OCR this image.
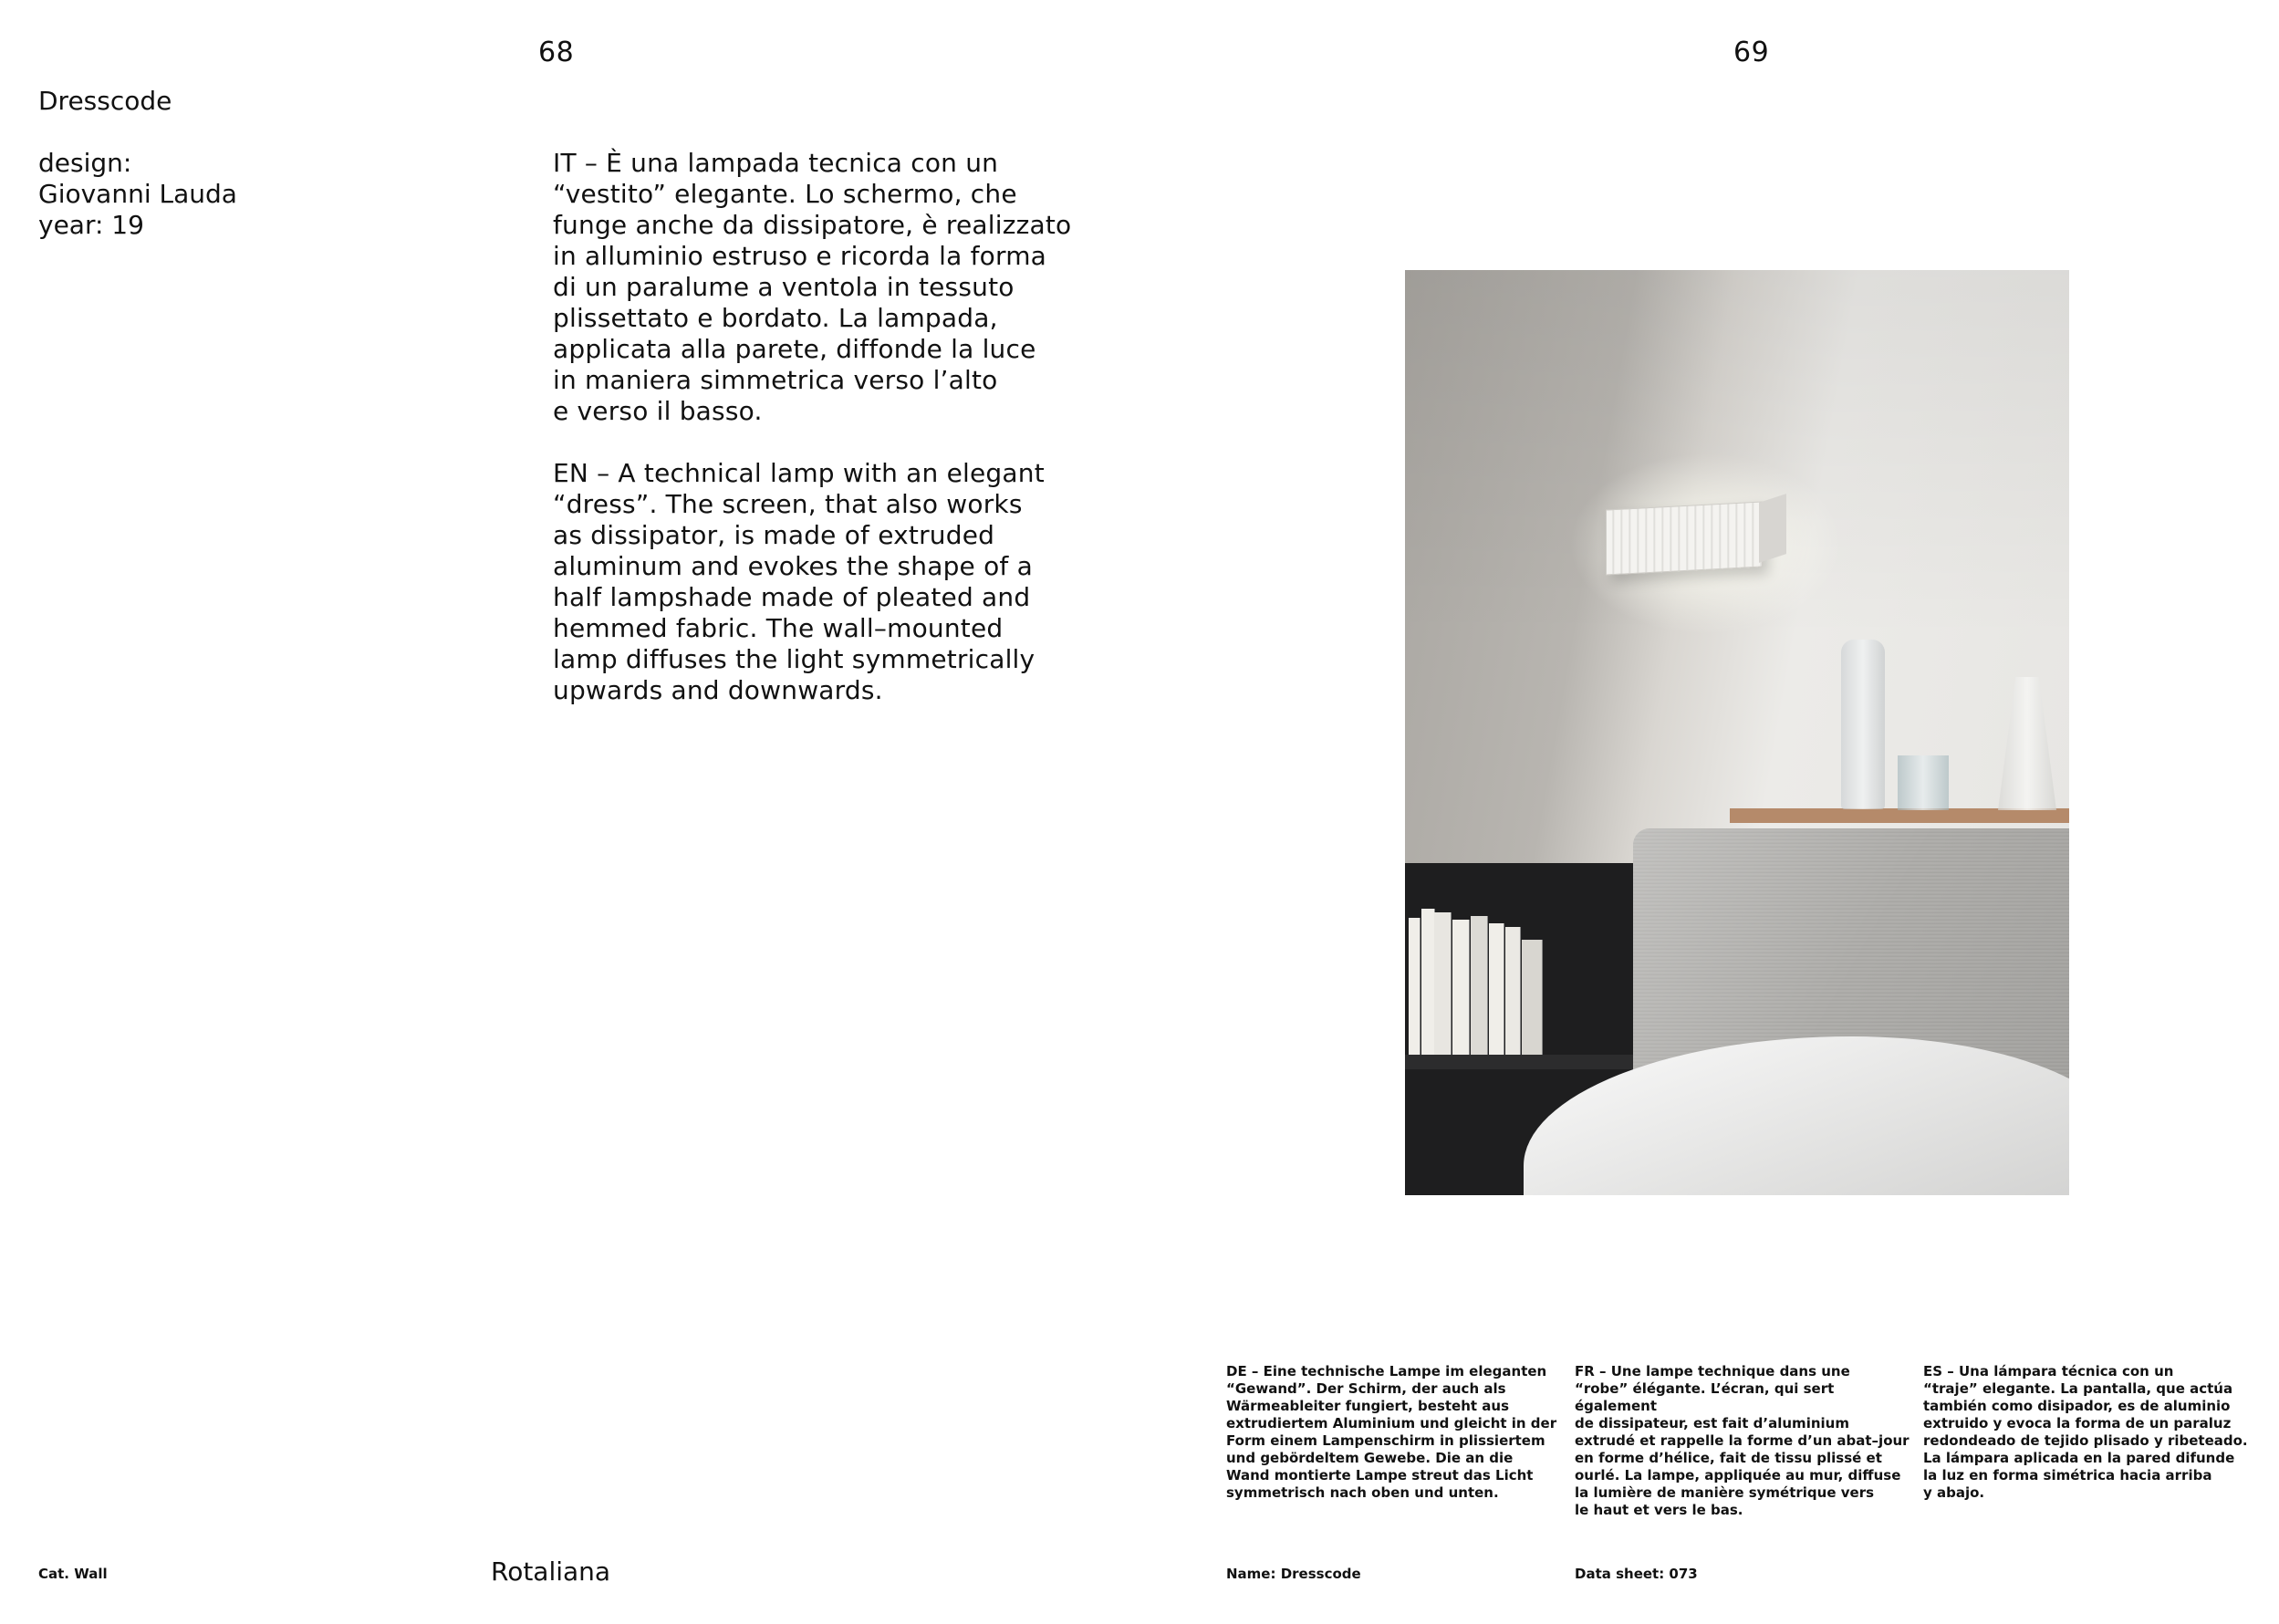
68	69
Dresscode
design:
Giovanni Lauda
year: 19

IT – È una lampada tecnica con un
“vestito” elegante. Lo schermo, che
funge anche da dissipatore, è realizzato
in alluminio estruso e ricorda la forma
di un paralume a ventola in tessuto
plissettato e bordato. La lampada,
applicata alla parete, diffonde la luce
in maniera simmetrica verso l’alto
e verso il basso.

EN – A technical lamp with an elegant
“dress”. The screen, that also works
as dissipator, is made of extruded
aluminum and evokes the shape of a
half lampshade made of pleated and
hemmed fabric. The wall–mounted
lamp diffuses the light symmetrically
upwards and downwards.

DE – Eine technische Lampe im eleganten
“Gewand”. Der Schirm, der auch als
Wärmeableiter fungiert, besteht aus
extrudiertem Aluminium und gleicht in der
Form einem Lampenschirm in plissiertem
und gebördeltem Gewebe. Die an die
Wand montierte Lampe streut das Licht
symmetrisch nach oben und unten.
FR – Une lampe technique dans une
“robe” élégante. L’écran, qui sert également
de dissipateur, est fait d’aluminium
extrudé et rappelle la forme d’un abat–jour
en forme d’hélice, fait de tissu plissé et
ourlé. La lampe, appliquée au mur, diffuse
la lumière de manière symétrique vers
le haut et vers le bas.
ES – Una lámpara técnica con un
“traje” elegante. La pantalla, que actúa
también como disipador, es de aluminio
extruido y evoca la forma de un paraluz
redondeado de tejido plisado y ribeteado.
La lámpara aplicada en la pared difunde
la luz en forma simétrica hacia arriba
y abajo.
Cat. Wall	Rotaliana	Name: Dresscode	Data sheet: 073
